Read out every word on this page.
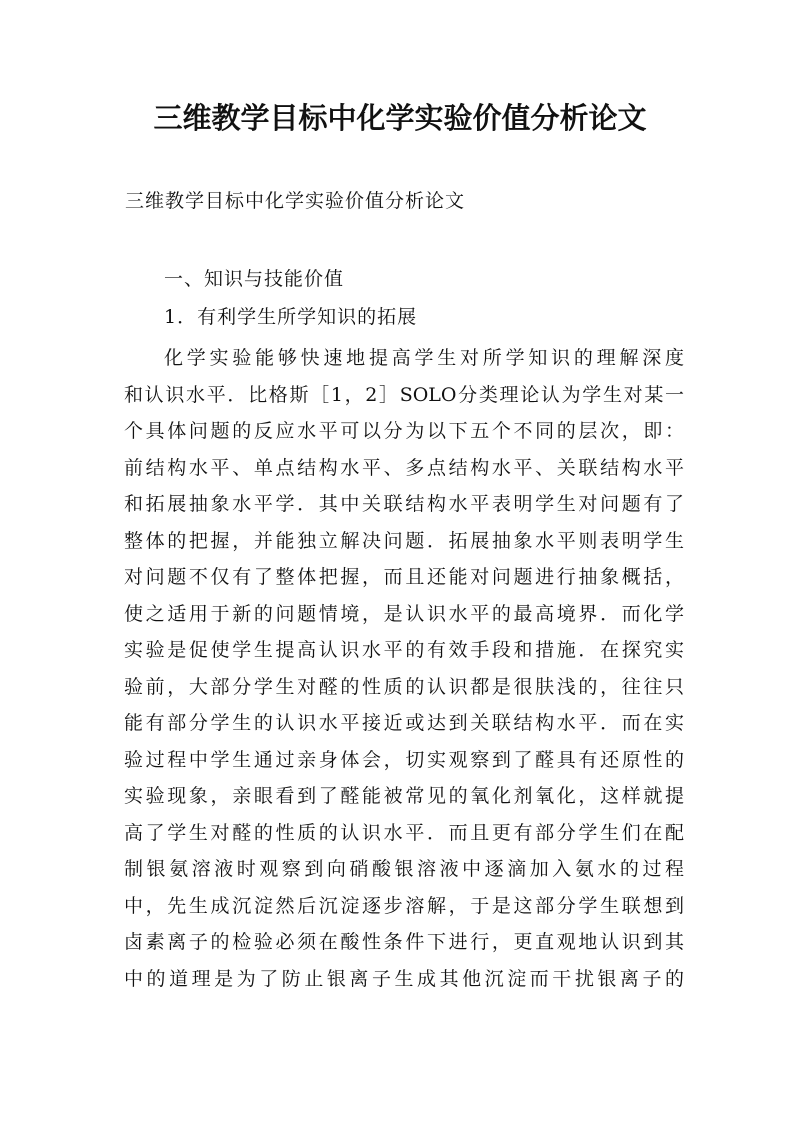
三维教学目标中化学实验价值分析论文
三维教学目标中化学实验价值分析论文
一、知识与技能价值
1．有利学生所学知识的拓展
化学实验能够快速地提高学生对所学知识的理解深度
和认识水平．比格斯［1，2］SOLO分类理论认为学生对某一
个具体问题的反应水平可以分为以下五个不同的层次，即：
前结构水平、单点结构水平、多点结构水平、关联结构水平
和拓展抽象水平学．其中关联结构水平表明学生对问题有了
整体的把握，并能独立解决问题．拓展抽象水平则表明学生
对问题不仅有了整体把握，而且还能对问题进行抽象概括，
使之适用于新的问题情境，是认识水平的最高境界．而化学
实验是促使学生提高认识水平的有效手段和措施．在探究实
验前，大部分学生对醛的性质的认识都是很肤浅的，往往只
能有部分学生的认识水平接近或达到关联结构水平．而在实
验过程中学生通过亲身体会，切实观察到了醛具有还原性的
实验现象，亲眼看到了醛能被常见的氧化剂氧化，这样就提
高了学生对醛的性质的认识水平．而且更有部分学生们在配
制银氨溶液时观察到向硝酸银溶液中逐滴加入氨水的过程
中，先生成沉淀然后沉淀逐步溶解，于是这部分学生联想到
卤素离子的检验必须在酸性条件下进行，更直观地认识到其
中的道理是为了防止银离子生成其他沉淀而干扰银离子的
